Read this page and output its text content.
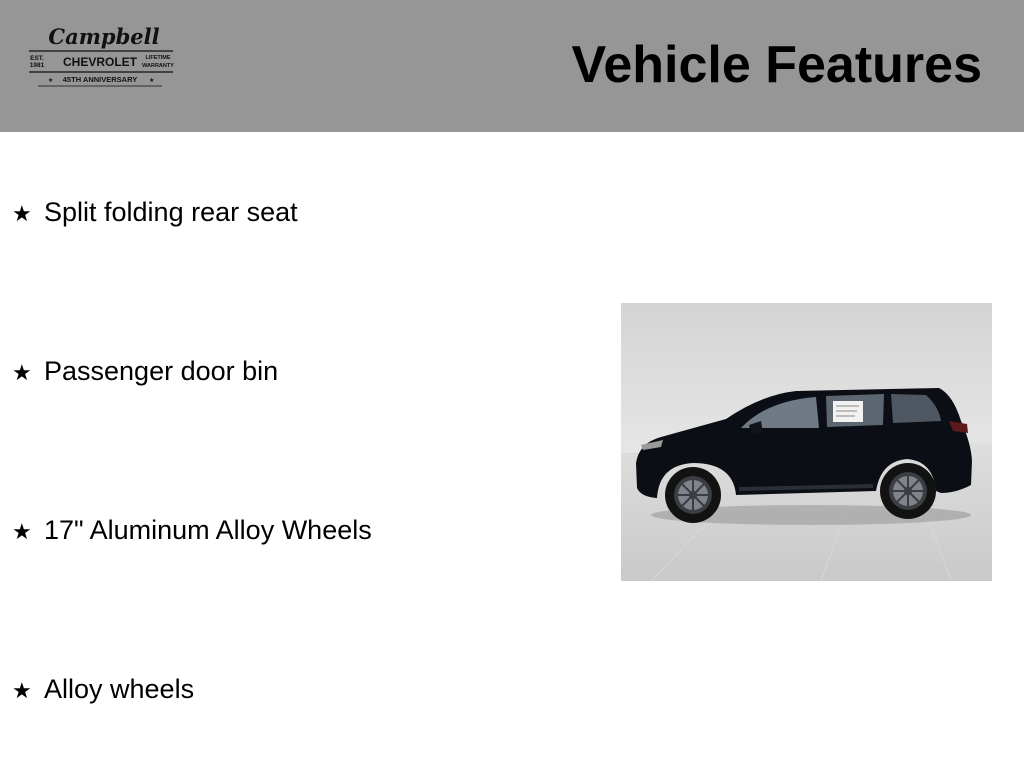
Campbell
EST.
1981 CHEVROLET LIFETIME
WARRANTY
★ 45TH ANNIVERSARY ★	Vehicle Features
★ Split folding rear seat
★ Passenger door bin
★ 17" Aluminum Alloy Wheels
★ Alloy wheels
